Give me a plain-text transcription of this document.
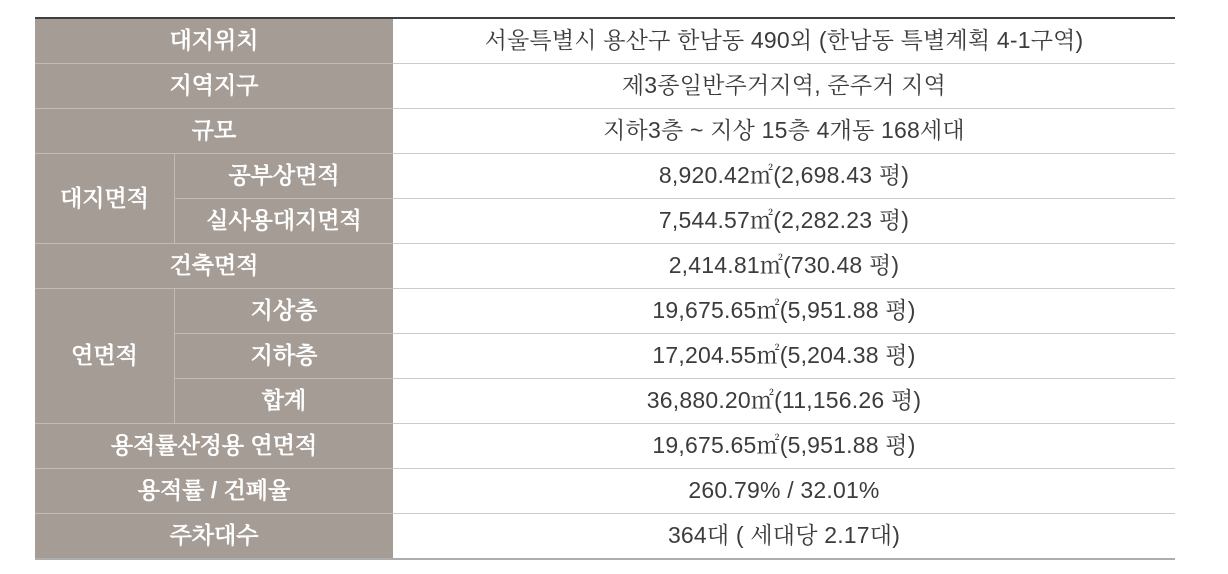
대지위치		서울특별시 용산구 한남동 490외 (한남동 특별계획 4-1구역)
지역지구		제3종일반주거지역, 준주거 지역
규모		지하3층 ~ 지상 15층 4개동 168세대
대지면적	공부상면적	8,920.42㎡(2,698.43 평)
	실사용대지면적	7,544.57㎡(2,282.23 평)
건축면적		2,414.81㎡(730.48 평)
연면적	지상층	19,675.65㎡(5,951.88 평)
	지하층	17,204.55㎡(5,204.38 평)
	합계	36,880.20㎡(11,156.26 평)
용적률산정용 연면적		19,675.65㎡(5,951.88 평)
용적률 / 건폐율		260.79% / 32.01%
주차대수		364대 ( 세대당 2.17대)
